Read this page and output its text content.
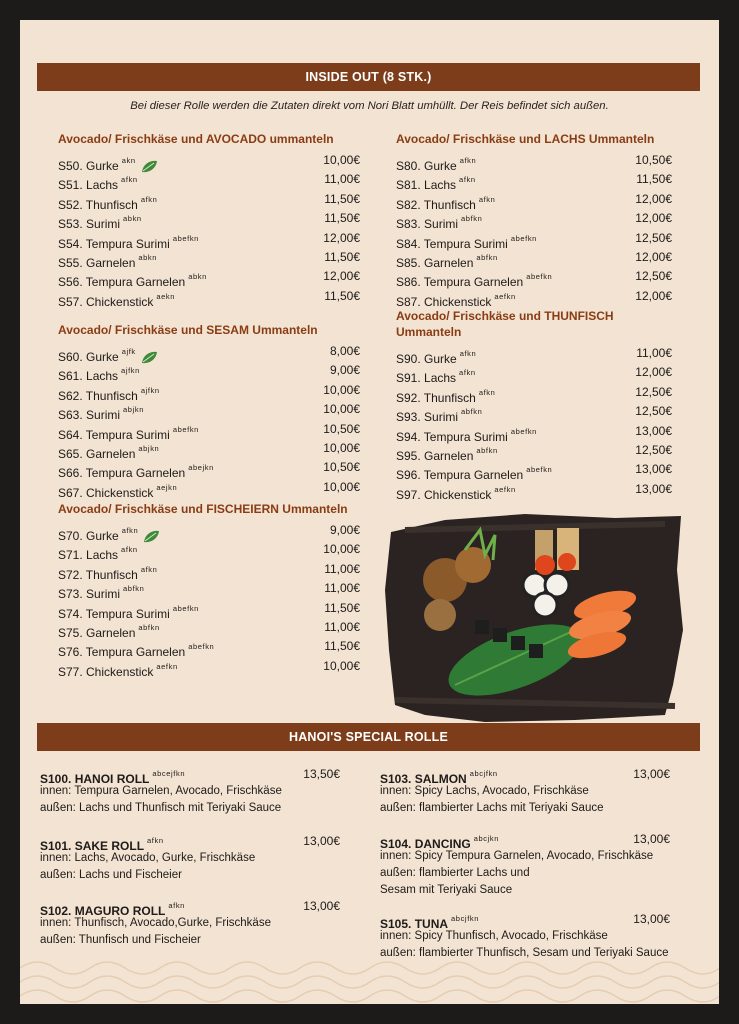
INSIDE OUT (8 STK.)
Bei dieser Rolle werden die Zutaten direkt vom Nori Blatt umhüllt. Der Reis befindet sich außen.
Avocado/ Frischkäse und AVOCADO ummanteln
S50. Gurke $^{akn}$	10,00€
S51. Lachs $^{afkn}$	11,00€
S52. Thunfisch $^{afkn}$	11,50€
S53. Surimi $^{abkn}$	11,50€
S54. Tempura Surimi $^{abefkn}$	12,00€
S55. Garnelen $^{abkn}$	11,50€
S56. Tempura Garnelen $^{abkn}$	12,00€
S57. Chickenstick $^{aekn}$	11,50€
Avocado/ Frischkäse und LACHS Ummanteln
S80. Gurke $^{afkn}$	10,50€
S81. Lachs $^{afkn}$	11,50€
S82. Thunfisch $^{afkn}$	12,00€
S83. Surimi $^{abfkn}$	12,00€
S84. Tempura Surimi $^{abefkn}$	12,50€
S85. Garnelen $^{abfkn}$	12,00€
S86. Tempura Garnelen $^{abefkn}$	12,50€
S87. Chickenstick $^{aefkn}$	12,00€
Avocado/ Frischkäse und SESAM Ummanteln
S60. Gurke $^{ajfk}$	8,00€
S61. Lachs $^{ajfkn}$	9,00€
S62. Thunfisch $^{ajfkn}$	10,00€
S63. Surimi $^{abjkn}$	10,00€
S64. Tempura Surimi $^{abefkn}$	10,50€
S65. Garnelen $^{abjkn}$	10,00€
S66. Tempura Garnelen $^{abejkn}$	10,50€
S67. Chickenstick $^{aejkn}$	10,00€
Avocado/ Frischkäse und THUNFISCH Ummanteln
S90. Gurke $^{afkn}$	11,00€
S91. Lachs $^{afkn}$	12,00€
S92. Thunfisch $^{afkn}$	12,50€
S93. Surimi $^{abfkn}$	12,50€
S94. Tempura Surimi $^{abefkn}$	13,00€
S95. Garnelen $^{abfkn}$	12,50€
S96. Tempura Garnelen $^{abefkn}$	13,00€
S97. Chickenstick $^{aefkn}$	13,00€
Avocado/ Frischkäse und FISCHEIERN Ummanteln
S70. Gurke $^{afkn}$	9,00€
S71. Lachs $^{afkn}$	10,00€
S72. Thunfisch $^{afkn}$	11,00€
S73. Surimi $^{abfkn}$	11,00€
S74. Tempura Surimi $^{abefkn}$	11,50€
S75. Garnelen $^{abfkn}$	11,00€
S76. Tempura Garnelen $^{abefkn}$	11,50€
S77. Chickenstick $^{aefkn}$	10,00€
HANOI'S SPECIAL ROLLE
S100. HANOI ROLL $^{abcejfkn}$	13,50€
innen: Tempura Garnelen, Avocado, Frischkäse
außen: Lachs und Thunfisch mit Teriyaki Sauce
S101. SAKE ROLL $^{afkn}$	13,00€
innen: Lachs, Avocado, Gurke, Frischkäse
außen: Lachs und Fischeier
S102. MAGURO ROLL $^{afkn}$	13,00€
innen: Thunfisch, Avocado,Gurke, Frischkäse
außen: Thunfisch und Fischeier
S103. SALMON $^{abcjfkn}$	13,00€
innen: Spicy Lachs, Avocado, Frischkäse
außen: flambierter Lachs mit Teriyaki Sauce
S104. DANCING $^{abcjkn}$	13,00€
innen: Spicy Tempura Garnelen, Avocado, Frischkäse
außen: flambierter Lachs und
Sesam mit Teriyaki Sauce
S105. TUNA $^{abcjfkn}$	13,00€
innen: Spicy Thunfisch, Avocado, Frischkäse
außen: flambierter Thunfisch, Sesam und Teriyaki Sauce
